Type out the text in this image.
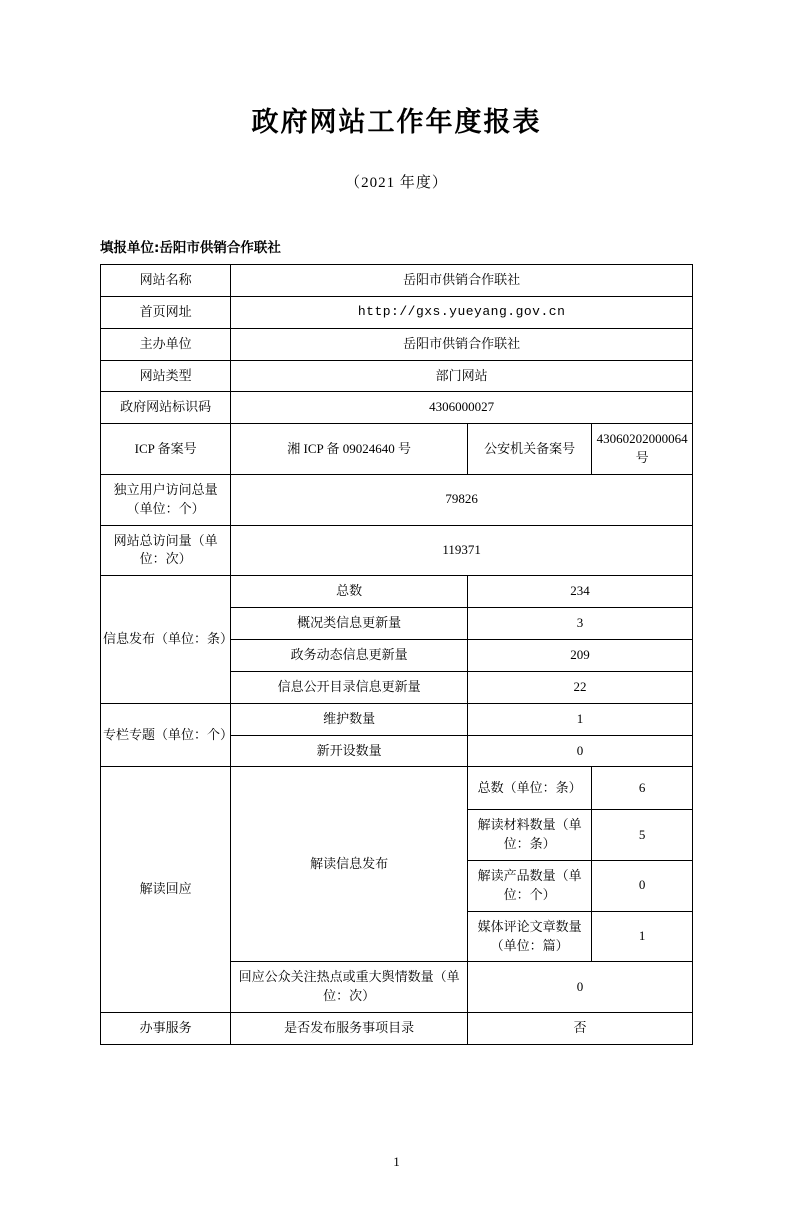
政府网站工作年度报表
（2021 年度）
填报单位:岳阳市供销合作联社
网站名称	岳阳市供销合作联社		
首页网址	http://gxs.yueyang.gov.cn		
主办单位	岳阳市供销合作联社		
网站类型	部门网站		
政府网站标识码	4306000027		
ICP 备案号	湘 ICP 备 09024640 号	公安机关备案号	43060202000064 号
独立用户访问总量（单位：个）	79826		
网站总访问量（单位：次）	119371		
信息发布（单位：条）	总数	234	
	概况类信息更新量	3	
	政务动态信息更新量	209	
	信息公开目录信息更新量	22	
专栏专题（单位：个）	维护数量	1	
	新开设数量	0	
解读回应	解读信息发布	总数（单位：条）	6
		解读材料数量（单位：条）	5
		解读产品数量（单位：个）	0
		媒体评论文章数量（单位：篇）	1
	回应公众关注热点或重大舆情数量（单位：次）	0	
办事服务	是否发布服务事项目录	否	
1
